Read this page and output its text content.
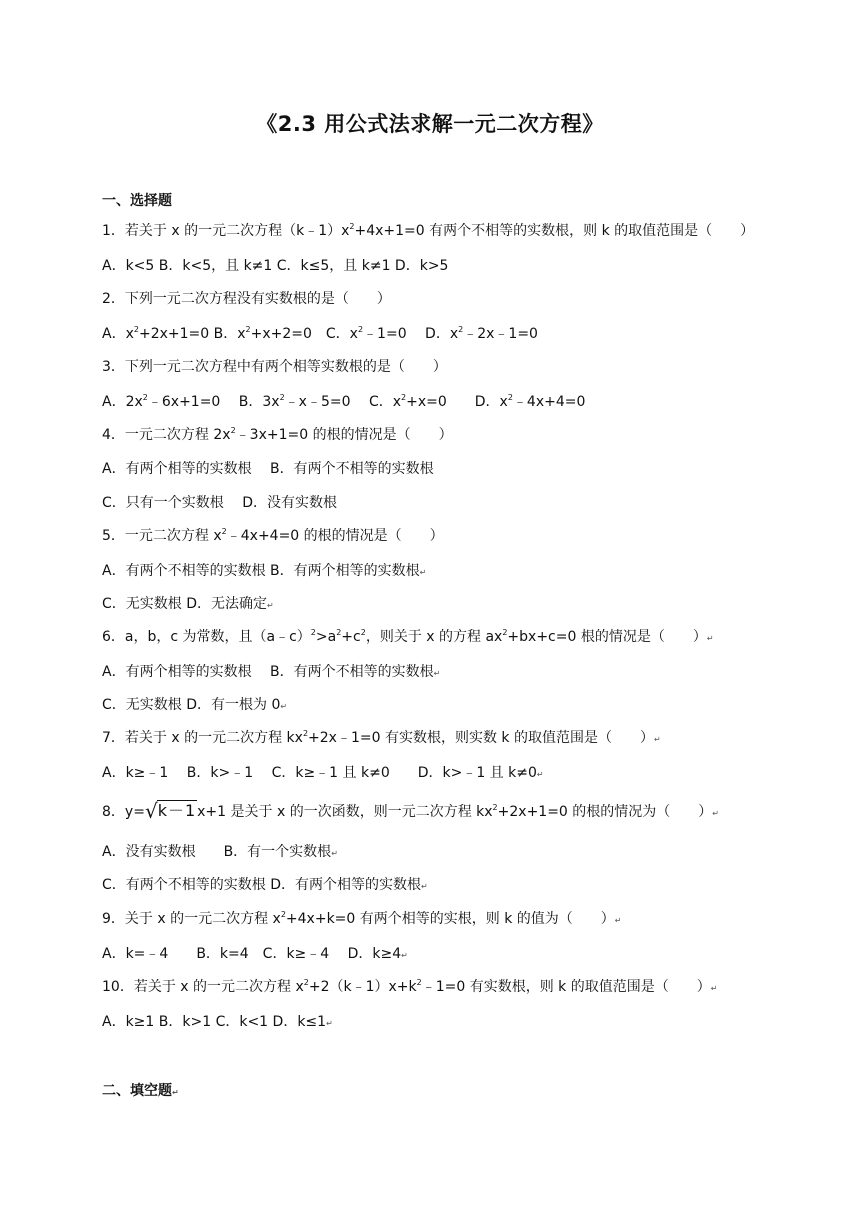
《2.3 用公式法求解一元二次方程》
一、选择题
1．若关于 x 的一元二次方程$(k﹣1)x^2+4x+1=0$ 有两个不相等的实数根，则 k 的取值范围是（　　）
A．k<5 B．k<5，且 k≠1 C．k≤5，且 k≠1 D．k>5
2．下列一元二次方程没有实数根的是（　　）
A．$x^2+2x+1=0$ B．$x^2+x+2=0$　C．$x^2﹣1=0$　 D．$x^2﹣2x﹣1=0$
3．下列一元二次方程中有两个相等实数根的是（　　）
A．$2x^2﹣6x+1=0$　 B．$3x^2﹣x﹣5=0$　 C．$x^2+x=0$　　D．$x^2﹣4x+4=0$
4．一元二次方程 $2x^2﹣3x+1=0$ 的根的情况是（　　）
A．有两个相等的实数根　 B．有两个不相等的实数根
C．只有一个实数根　 D．没有实数根
5．一元二次方程 $x^2﹣4x+4=0$ 的根的情况是（　　）
A．有两个不相等的实数根 B．有两个相等的实数根↵
C．无实数根 D．无法确定↵
6．a，b，c 为常数，且$(a﹣c)^2>a^2+c^2$，则关于 x 的方程 $ax^2+bx+c=0$ 根的情况是（　　）↵
A．有两个相等的实数根　 B．有两个不相等的实数根↵
C．无实数根 D．有一根为 0↵
7．若关于 x 的一元二次方程 $kx^2+2x﹣1=0$ 有实数根，则实数 k 的取值范围是（　　）↵
A．k≥﹣1　 B．k>﹣1　 C．k≥﹣1 且 k≠0　　D．k>﹣1 且 k≠0↵
8．y=√k－1x+1 是关于 x 的一次函数，则一元二次方程 $kx^2+2x+1=0$ 的根的情况为（　　）↵
A．没有实数根　　B．有一个实数根↵
C．有两个不相等的实数根 D．有两个相等的实数根↵
9．关于 x 的一元二次方程 $x^2+4x+k=0$ 有两个相等的实根，则 k 的值为（　　）↵
A．k=﹣4　　B．k=4　C．k≥﹣4　 D．k≥4↵
10．若关于 x 的一元二次方程 $x^2+2(k﹣1)x+k^2﹣1=0$ 有实数根，则 k 的取值范围是（　　）↵
A．k≥1 B．k>1 C．k<1 D．k≤1↵
二、填空题↵
